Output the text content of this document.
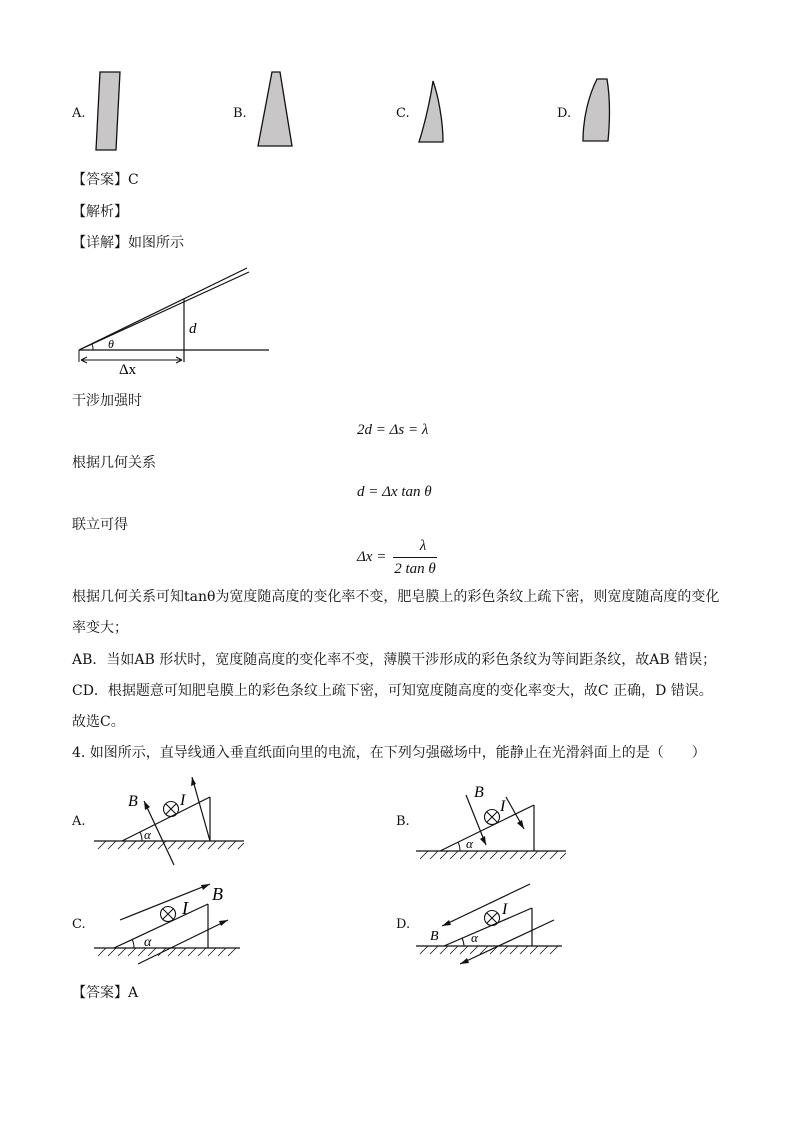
A.	B.	C.	D.
【答案】C
【解析】
【详解】如图所示
d
θ
Δx
干涉加强时
2d = Δs = λ
根据几何关系
d = Δx tan θ
联立可得
Δx =
λ
2 tan θ
根据几何关系可知tanθ为宽度随高度的变化率不变，肥皂膜上的彩色条纹上疏下密，则宽度随高度的变化
率变大；
AB．当如AB 形状时，宽度随高度的变化率不变，薄膜干涉形成的彩色条纹为等间距条纹，故AB 错误；
CD．根据题意可知肥皂膜上的彩色条纹上疏下密，可知宽度随高度的变化率变大，故C 正确，D 错误。
故选C。
4. 如图所示，直导线通入垂直纸面向里的电流，在下列匀强磁场中，能静止在光滑斜面上的是（　　）
A.
B	I
α
B.
B
I
α
C.
B
I
α
D.
B
I
α
【答案】A
